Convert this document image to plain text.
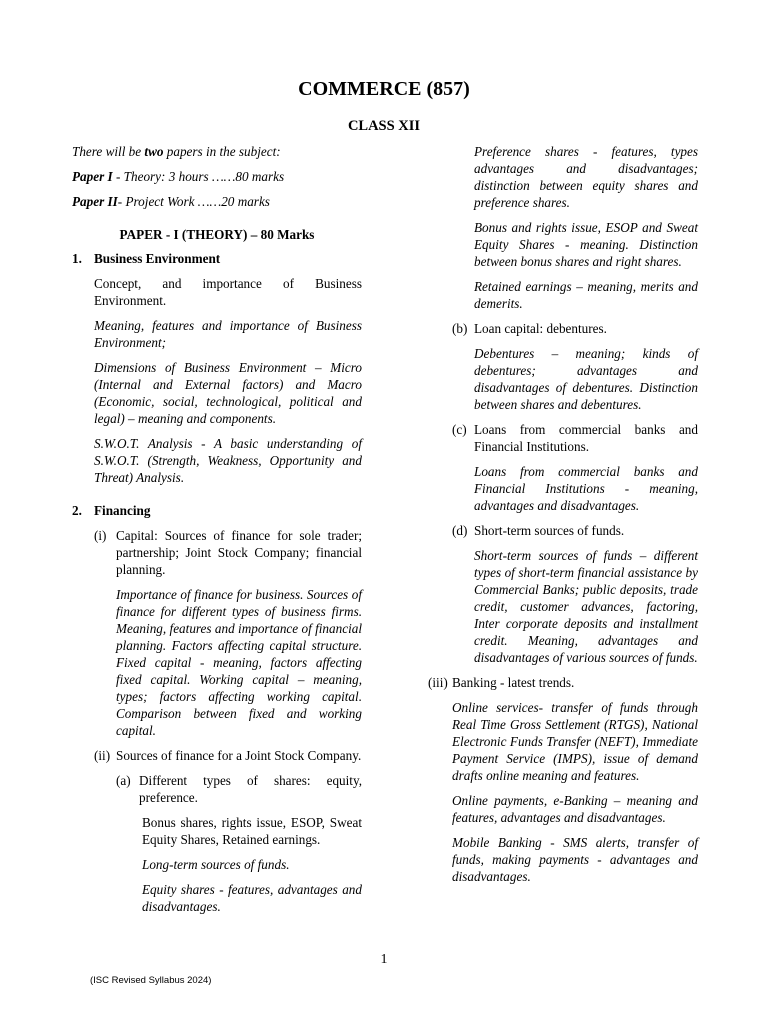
COMMERCE (857)
CLASS XII

There will be two papers in the subject:

Paper I - Theory: 3 hours ……80 marks

Paper II- Project Work ……20 marks

PAPER - I (THEORY) – 80 Marks
1. Business Environment

Concept, and importance of Business Environment.

Meaning, features and importance of Business Environment;

Dimensions of Business Environment – Micro (Internal and External factors) and Macro (Economic, social, technological, political and legal) – meaning and components.

S.W.O.T. Analysis - A basic understanding of S.W.O.T. (Strength, Weakness, Opportunity and Threat) Analysis.

2. Financing
(i) Capital: Sources of finance for sole trader; partnership; Joint Stock Company; financial planning.

Importance of finance for business. Sources of finance for different types of business firms. Meaning, features and importance of financial planning. Factors affecting capital structure. Fixed capital - meaning, factors affecting fixed capital. Working capital – meaning, types; factors affecting working capital. Comparison between fixed and working capital.

(ii) Sources of finance for a Joint Stock Company.
(a) Different types of shares: equity, preference.

Bonus shares, rights issue, ESOP, Sweat Equity Shares, Retained earnings.

Long-term sources of funds.

Equity shares - features, advantages and disadvantages.

Preference shares - features, types advantages and disadvantages; distinction between equity shares and preference shares.

Bonus and rights issue, ESOP and Sweat Equity Shares - meaning. Distinction between bonus shares and right shares.

Retained earnings – meaning, merits and demerits.

(b) Loan capital: debentures.

Debentures – meaning; kinds of debentures; advantages and disadvantages of debentures. Distinction between shares and debentures.

(c) Loans from commercial banks and Financial Institutions.

Loans from commercial banks and Financial Institutions - meaning, advantages and disadvantages.

(d) Short-term sources of funds.

Short-term sources of funds – different types of short-term financial assistance by Commercial Banks; public deposits, trade credit, customer advances, factoring, Inter corporate deposits and installment credit. Meaning, advantages and disadvantages of various sources of funds.

(iii) Banking - latest trends.

Online services- transfer of funds through Real Time Gross Settlement (RTGS), National Electronic Funds Transfer (NEFT), Immediate Payment Service (IMPS), issue of demand drafts online meaning and features.

Online payments, e-Banking – meaning and features, advantages and disadvantages.

Mobile Banking - SMS alerts, transfer of funds, making payments - advantages and disadvantages.

1
(ISC Revised Syllabus 2024)
